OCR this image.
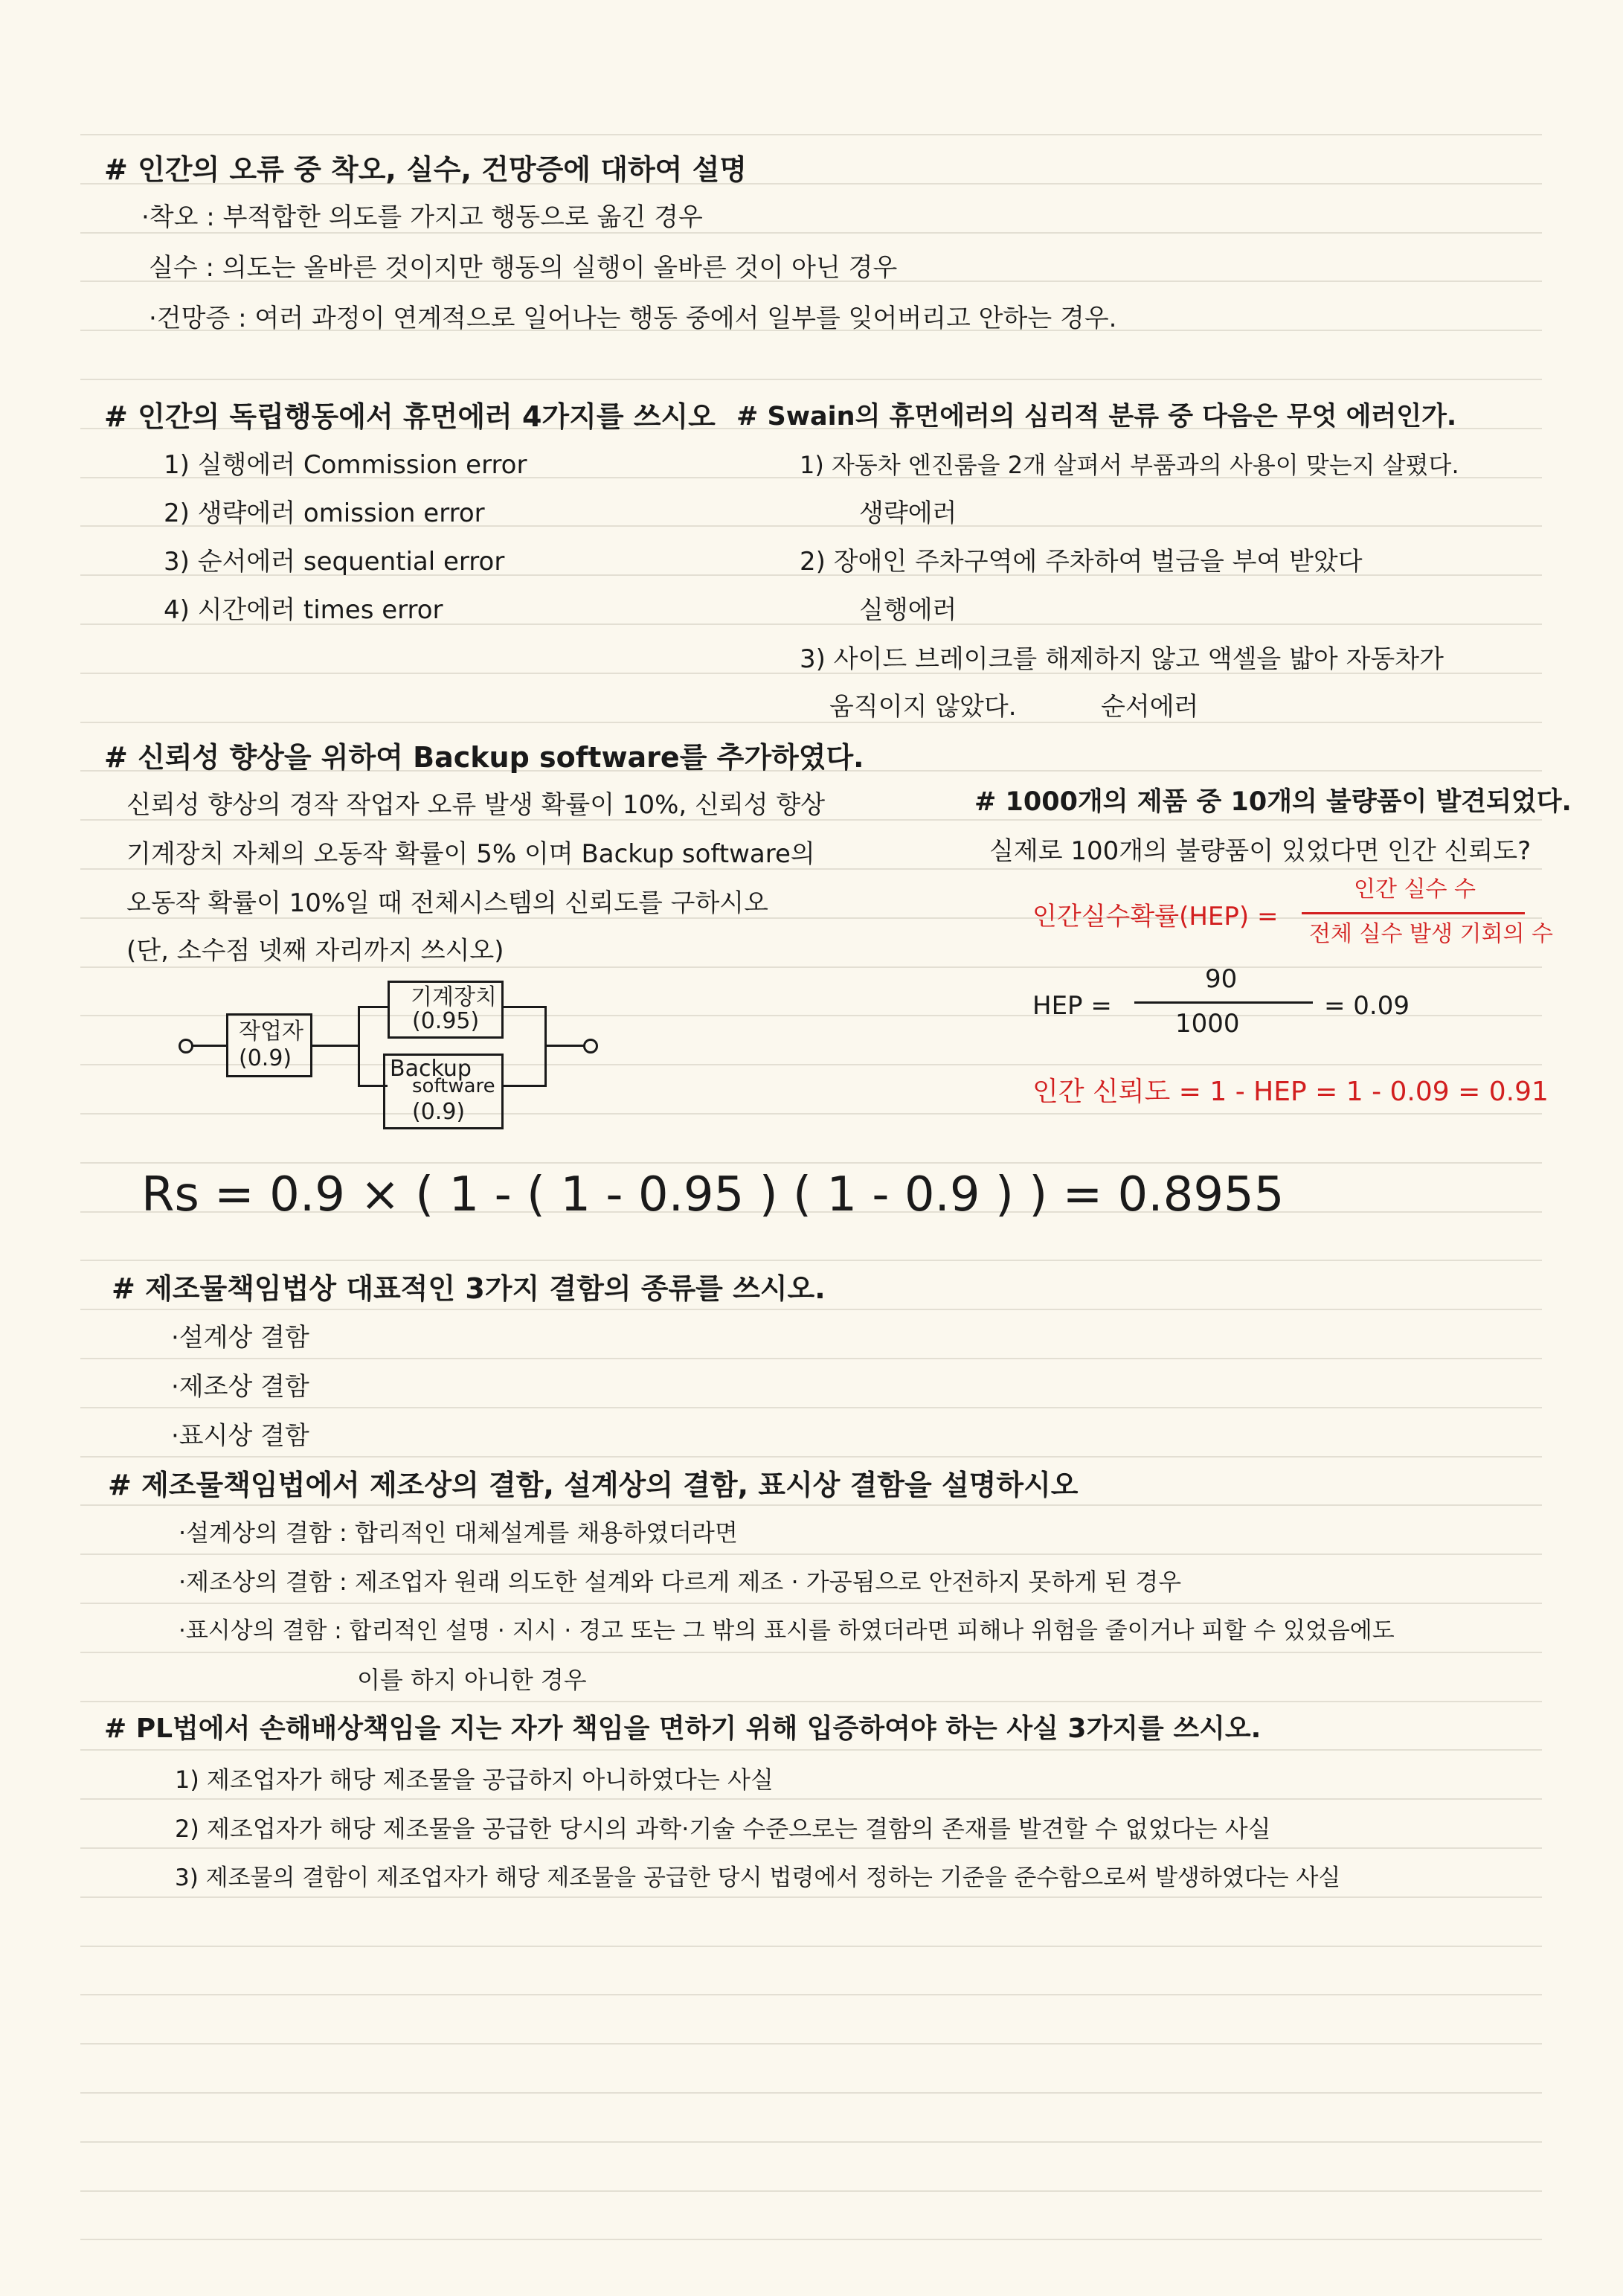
# 인간의 오류 중 착오, 실수, 건망증에 대하여 설명
·착오 : 부적합한 의도를 가지고 행동으로 옮긴 경우
실수 : 의도는 올바른 것이지만 행동의 실행이 올바른 것이 아닌 경우
·건망증 : 여러 과정이 연계적으로 일어나는 행동 중에서 일부를 잊어버리고 안하는 경우.
# 인간의 독립행동에서 휴먼에러 4가지를 쓰시오
1) 실행에러 Commission error
2) 생략에러 omission error
3) 순서에러 sequential error
4) 시간에러 times error
# Swain의 휴먼에러의 심리적 분류 중 다음은 무엇 에러인가.
1) 자동차 엔진룸을 2개 살펴서 부품과의 사용이 맞는지 살폈다.
생략에러
2) 장애인 주차구역에 주차하여 벌금을 부여 받았다
실행에러
3) 사이드 브레이크를 해제하지 않고 액셀을 밟아 자동차가
움직이지 않았다.	순서에러
# 신뢰성 향상을 위하여 Backup software를 추가하였다.
신뢰성 향상의 경작 작업자 오류 발생 확률이 10%, 신뢰성 향상
기계장치 자체의 오동작 확률이 5% 이며 Backup software의
오동작 확률이 10%일 때 전체시스템의 신뢰도를 구하시오
(단, 소수점 넷째 자리까지 쓰시오)
작업자
(0.9)
기계장치
(0.95)
Backup
software
(0.9)
Rs = 0.9 × ( 1 - ( 1 - 0.95 ) ( 1 - 0.9 ) ) = 0.8955
# 1000개의 제품 중 10개의 불량품이 발견되었다.
실제로 100개의 불량품이 있었다면 인간 신뢰도?
인간실수확률(HEP) =
인간 실수 수
전체 실수 발생 기회의 수
HEP =
90
1000
= 0.09
인간 신뢰도 = 1 - HEP = 1 - 0.09 = 0.91
# 제조물책임법상 대표적인 3가지 결함의 종류를 쓰시오.
·설계상 결함
·제조상 결함
·표시상 결함
# 제조물책임법에서 제조상의 결함, 설계상의 결함, 표시상 결함을 설명하시오
·설계상의 결함 : 합리적인 대체설계를 채용하였더라면
·제조상의 결함 : 제조업자 원래 의도한 설계와 다르게 제조 · 가공됨으로 안전하지 못하게 된 경우
·표시상의 결함 : 합리적인 설명 · 지시 · 경고 또는 그 밖의 표시를 하였더라면 피해나 위험을 줄이거나 피할 수 있었음에도
이를 하지 아니한 경우
# PL법에서 손해배상책임을 지는 자가 책임을 면하기 위해 입증하여야 하는 사실 3가지를 쓰시오.
1) 제조업자가 해당 제조물을 공급하지 아니하였다는 사실
2) 제조업자가 해당 제조물을 공급한 당시의 과학·기술 수준으로는 결함의 존재를 발견할 수 없었다는 사실
3) 제조물의 결함이 제조업자가 해당 제조물을 공급한 당시 법령에서 정하는 기준을 준수함으로써 발생하였다는 사실
